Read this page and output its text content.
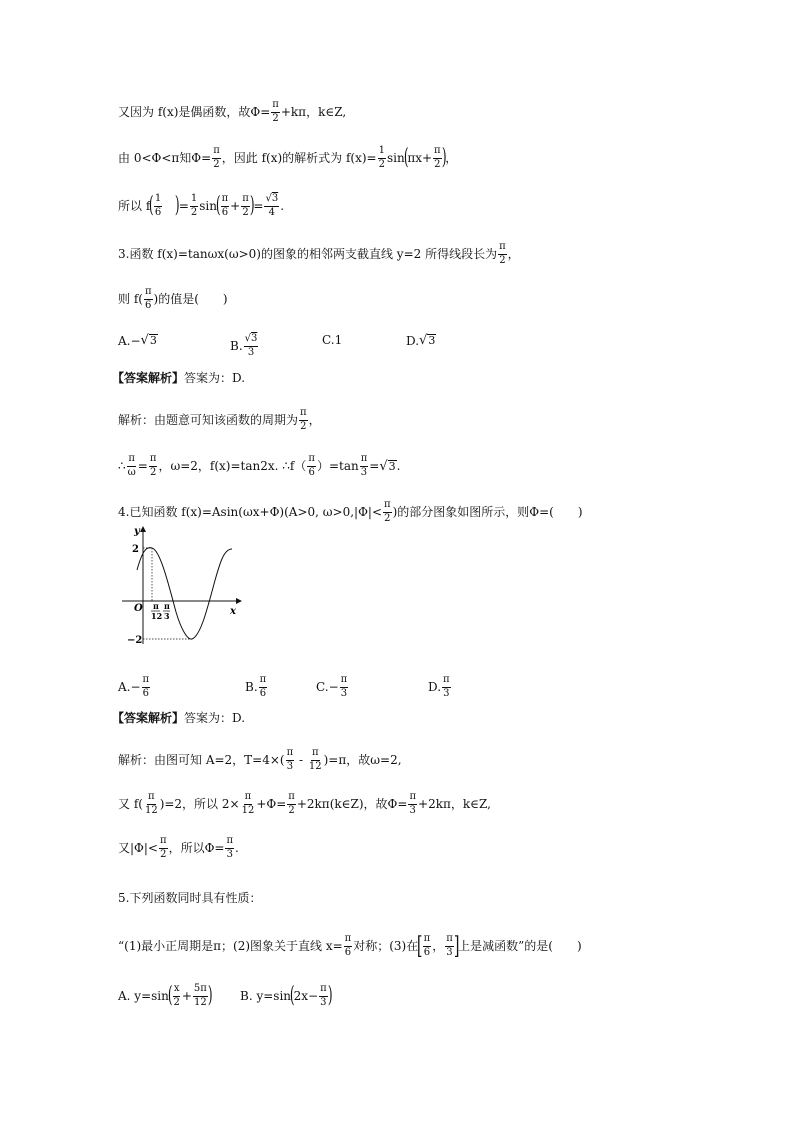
又因为 f(x)是偶函数，故$\Phi= \frac{\pi}{2} +k\pi$，k∈Z,
由 0<Φ<π知$\Phi= \frac{\pi}{2}$ ，因此 f(x)的解析式为 $f(x)= \frac{1}{2}$ sin
(
$\pi x+ \frac{\pi}{2}$ )
，
所以 f
( $\frac{1}{6}$ )
= $\frac{1}{2}$ sin
( $\frac{\pi}{6} + \frac{\pi}{2}$ )
= $\frac{√3}{4}$ .
3.函数 f(x)=tanωx(ω>0)的图象的相邻两支截直线 y=2 所得线段长为 $\frac{\pi}{2}$ ，
则 $f( \frac{\pi}{6}$ )的值是(　　)
A.− √ 3	B. $\frac{√3}{3}$	C.1	D. √ 3
【答案解析】 答案为：D.
解析：由题意可知该函数的周期为 $\frac{\pi}{2}$ ，
∴ $\frac{\pi}{\omega} = \frac{\pi}{2}$ ，ω=2，f(x)=tan2x. ∴f（ $\frac{\pi}{6} )=\tan \frac{\pi}{3}$ = √ 3 .
4.已知函数 f(x)=Asin(ωx+Φ)(A>0, $\omega>0,|\Phi|< \frac{\pi}{2}$ )的部分图象如图所示，则Φ=(　　)
y
x
O
2
−2
π
12
π
3
$A.- \frac{\pi}{6}$	B. $\frac{\pi}{6}$	$C.- \frac{\pi}{3}$	D. $\frac{\pi}{3}$
【答案解析】 答案为：D.
解析：由图可知 A=2，$T=4\times( \frac{\pi}{3} - \frac{\pi}{12} )=\pi$，故ω=2,
又 $f( \frac{\pi}{12} )=2$，所以 $2\times \frac{\pi}{12} +\Phi= \frac{\pi}{2}$ +2kπ(k∈Z)，故$\Phi= \frac{\pi}{3} +2k\pi$，k∈Z,
又$|\Phi|< \frac{\pi}{2}$ ，所以$\Phi= \frac{\pi}{3}$ .
5.下列函数同时具有性质：
“(1)最小正周期是π；(2)图象关于直线 $x= \frac{\pi}{6}$ 对称；(3)在
[ $\frac{\pi}{6}$ ， $\frac{\pi}{3}$ ]
上是减函数”的是(　　)
A. y=sin
( $\frac{x}{2} + \frac{5\pi}{12}$ ) B. y=sin
(
$2x- \frac{\pi}{3}$ )
